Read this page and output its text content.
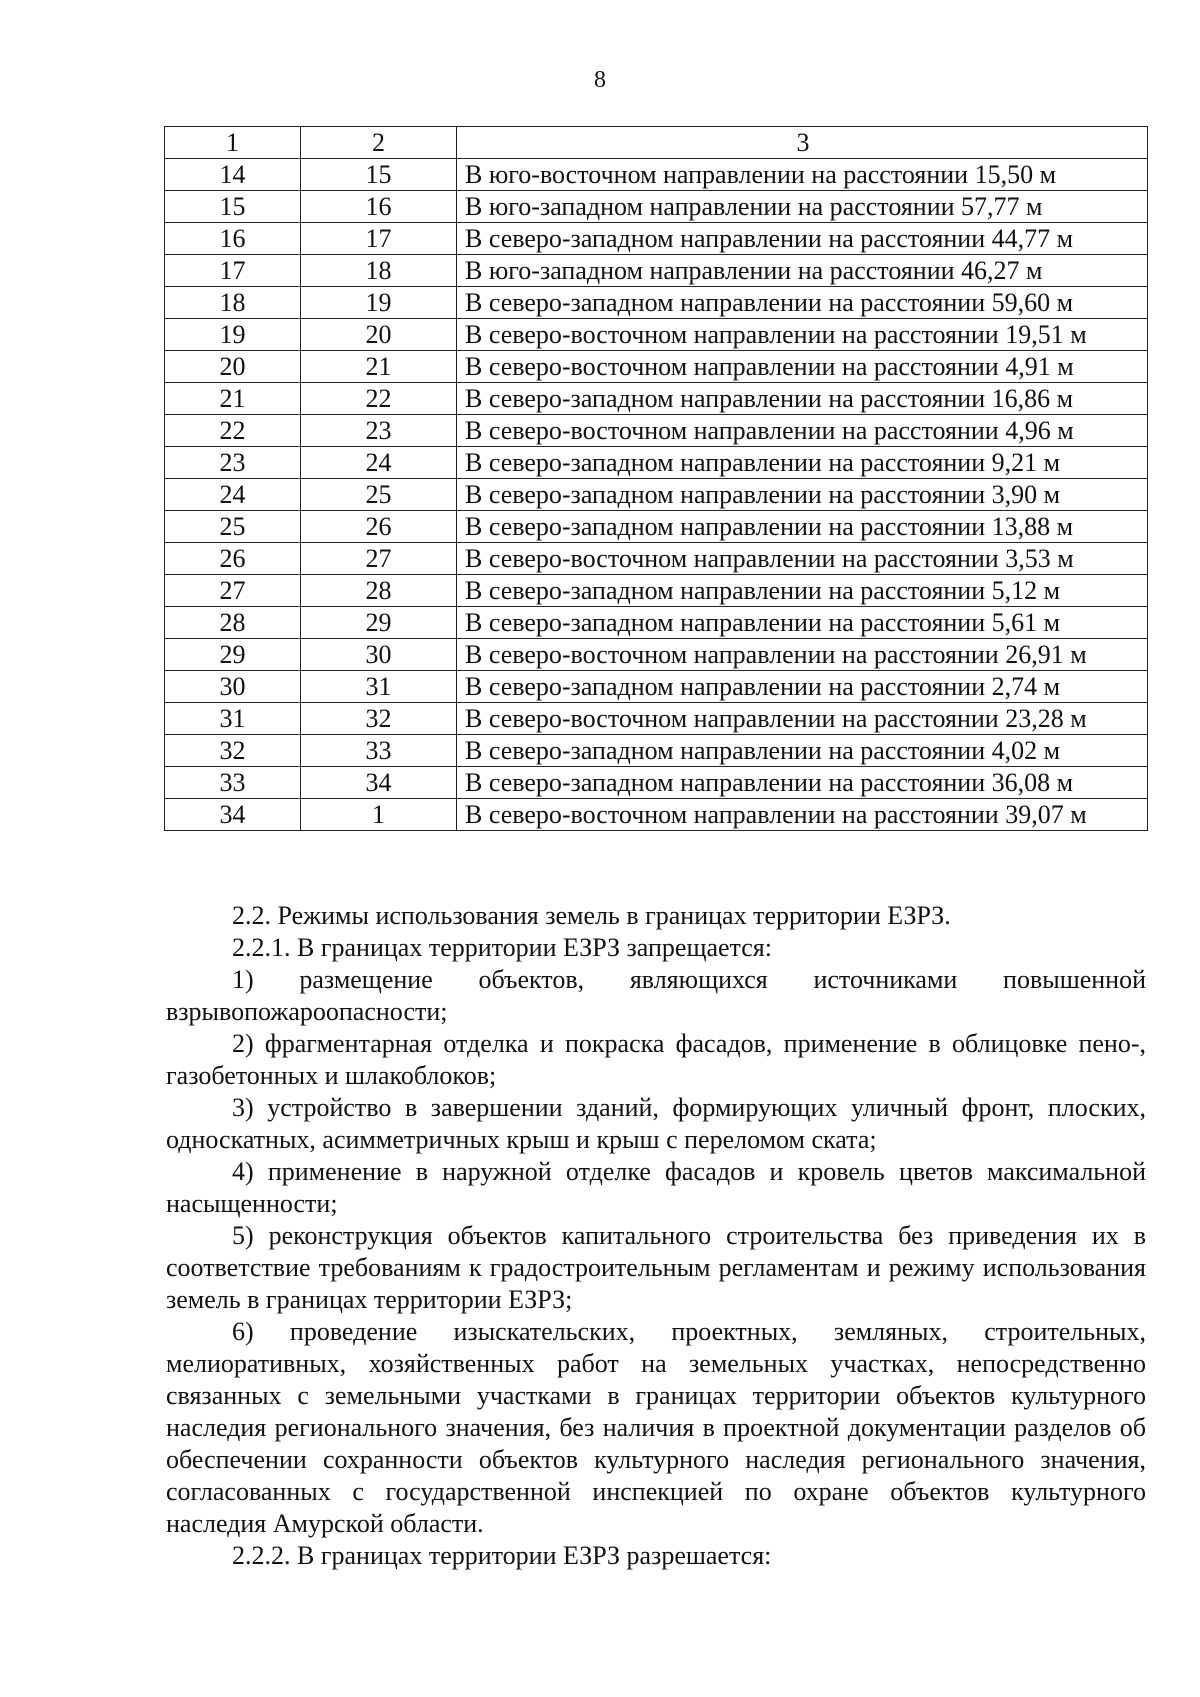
8
1	2	3
14	15	В юго-восточном направлении на расстоянии 15,50 м
15	16	В юго-западном направлении на расстоянии 57,77 м
16	17	В северо-западном направлении на расстоянии 44,77 м
17	18	В юго-западном направлении на расстоянии 46,27 м
18	19	В северо-западном направлении на расстоянии 59,60 м
19	20	В северо-восточном направлении на расстоянии 19,51 м
20	21	В северо-восточном направлении на расстоянии 4,91 м
21	22	В северо-западном направлении на расстоянии 16,86 м
22	23	В северо-восточном направлении на расстоянии 4,96 м
23	24	В северо-западном направлении на расстоянии 9,21 м
24	25	В северо-западном направлении на расстоянии 3,90 м
25	26	В северо-западном направлении на расстоянии 13,88 м
26	27	В северо-восточном направлении на расстоянии 3,53 м
27	28	В северо-западном направлении на расстоянии 5,12 м
28	29	В северо-западном направлении на расстоянии 5,61 м
29	30	В северо-восточном направлении на расстоянии 26,91 м
30	31	В северо-западном направлении на расстоянии 2,74 м
31	32	В северо-восточном направлении на расстоянии 23,28 м
32	33	В северо-западном направлении на расстоянии 4,02 м
33	34	В северо-западном направлении на расстоянии 36,08 м
34	1	В северо-восточном направлении на расстоянии 39,07 м

2.2. Режимы использования земель в границах территории ЕЗРЗ.

2.2.1. В границах территории ЕЗРЗ запрещается:

1) размещение объектов, являющихся источниками повышенной взрывопожароопасности;

2) фрагментарная отделка и покраска фасадов, применение в облицовке пено-, газобетонных и шлакоблоков;

3) устройство в завершении зданий, формирующих уличный фронт, плоских, односкатных, асимметричных крыш и крыш с переломом ската;

4) применение в наружной отделке фасадов и кровель цветов максимальной насыщенности;

5) реконструкция объектов капитального строительства без приведения их в соответствие требованиям к градостроительным регламентам и режиму использования земель в границах территории ЕЗРЗ;

6) проведение изыскательских, проектных, земляных, строительных, мелиоративных, хозяйственных работ на земельных участках, непосредственно связанных с земельными участками в границах территории объектов культурного наследия регионального значения, без наличия в проектной документации разделов об обеспечении сохранности объектов культурного наследия регионального значения, согласованных с государственной инспекцией по охране объектов культурного наследия Амурской области.

2.2.2. В границах территории ЕЗРЗ разрешается:
